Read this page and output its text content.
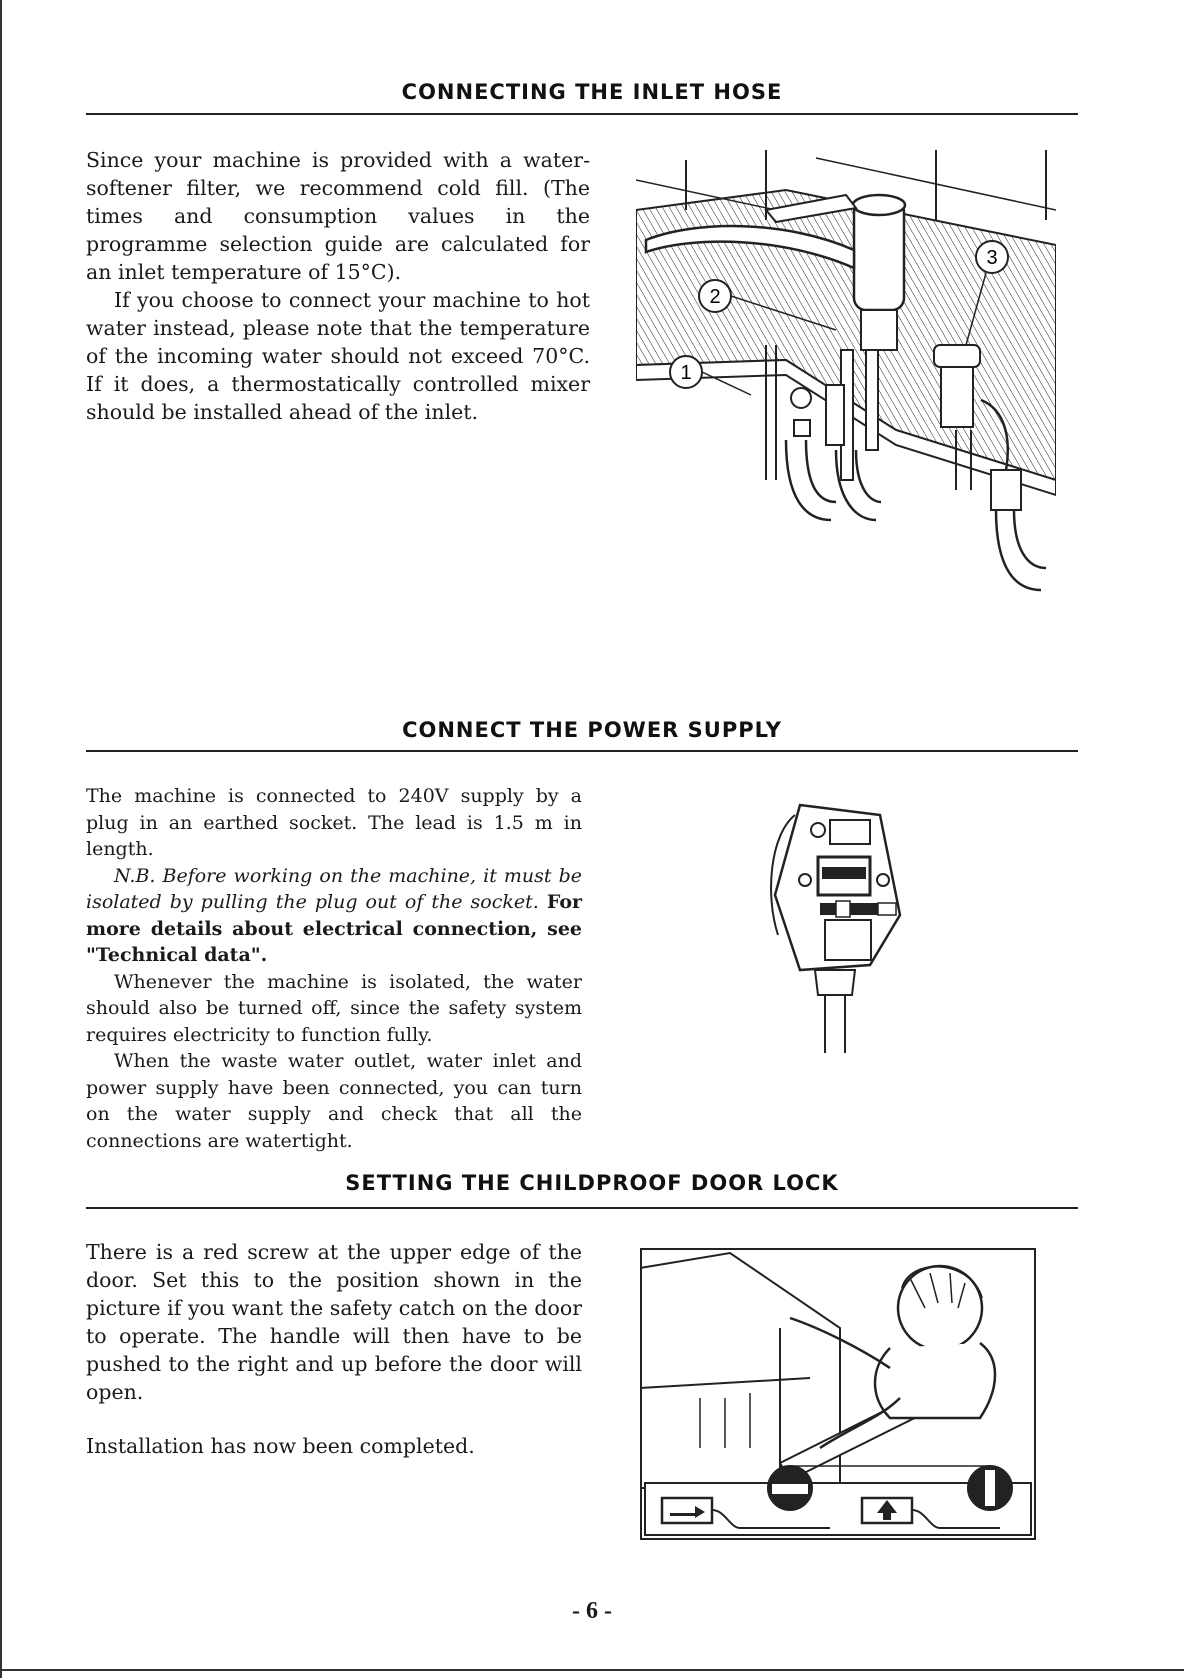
CONNECTING THE INLET HOSE

Since your machine is provided with a water-softener filter, we recommend cold fill. (The times and consumption values in the programme selection guide are calculated for an inlet temperature of 15°C).

If you choose to connect your machine to hot water instead, please note that the temperature of the incoming water should not exceed 70°C. If it does, a thermostatically controlled mixer should be installed ahead of the inlet.

1
2
3
CONNECT THE POWER SUPPLY

The machine is connected to 240V supply by a plug in an earthed socket. The lead is 1.5 m in length.

N.B. Before working on the machine, it must be isolated by pulling the plug out of the socket. For more details about electrical connection, see "Technical data".

Whenever the machine is isolated, the water should also be turned off, since the safety system requires electricity to function fully.

When the waste water outlet, water inlet and power supply have been connected, you can turn on the water supply and check that all the connections are watertight.

SETTING THE CHILDPROOF DOOR LOCK

There is a red screw at the upper edge of the door. Set this to the position shown in the picture if you want the safety catch on the door to operate. The handle will then have to be pushed to the right and up before the door will open.

Installation has now been completed.

- 6 -
